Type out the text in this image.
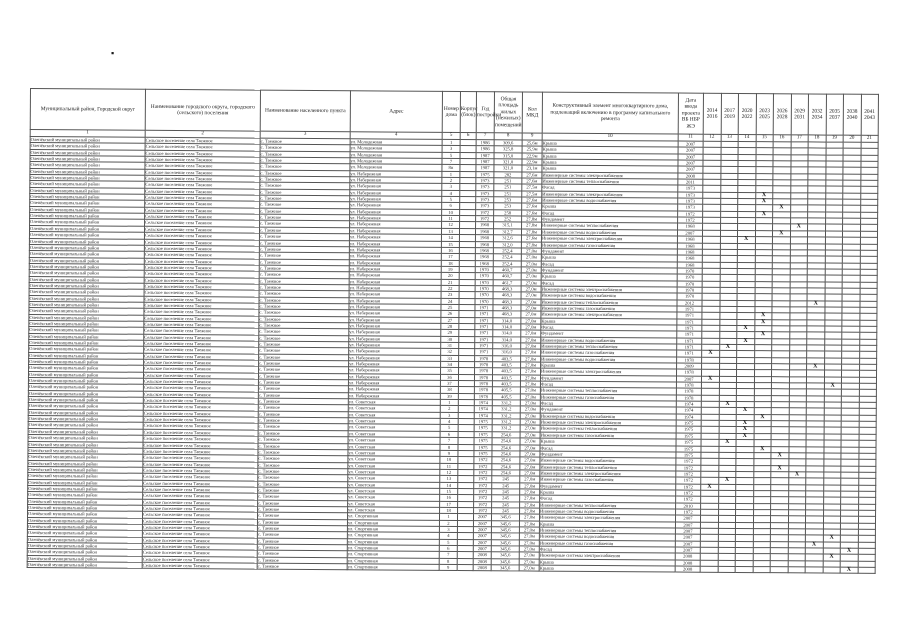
▪
Муниципальный район, Городской округ	Наименование городского округа, городского (сельского) поселения	Наименование населенного пункта	Адрес	Номер дома	Корпус (блок)	Год постройки	Общая площадь жилых (нежилых) помещений	Кол МКД	Конструктивный элемент многоквартирного дома, подлежащий включению в программу капитального ремонта	Дата ввода проекта ВБ НБР ЖЭ	2014 2016	2017 2019	2020 2022	2023 2025	2026 2028	2029 2031	2032 2034	2035 2037	2038 2040	2041 2043
1	2	3	4	5	6	7	8	9	10	11	12	13	14	15	16	17	18	19	20	21
Оленёкский муниципальный район	Сельское поселение села Таежное	с. Таежное	ул. Молодежная	1		1986	309,6	25,6м	Крыша	2007										
Оленёкский муниципальный район	Сельское поселение села Таежное	с. Таежное	ул. Молодежная	3		1986	325,8	25,9м	Крыша	2007										
Оленёкский муниципальный район	Сельское поселение села Таежное	с. Таежное	ул. Молодежная	5		1987	315,0	22,9м	Крыша	2007										
Оленёкский муниципальный район	Сельское поселение села Таежное	с. Таежное	ул. Молодежная	7		1987	321,0	22,9м	Крыша	2007										
Оленёкский муниципальный район	Сельское поселение села Таежное	с. Таежное	ул. Молодежная	8н		1987	321,0	23,1м	Крыша	2007										
Оленёкский муниципальный район	Сельское поселение села Таежное	с. Таежное	ул. Набережная	1		1975	282	27,6м	Инженерные системы электроснабжения	2008										
Оленёкский муниципальный район	Сельское поселение села Таежное	с. Таежное	ул. Набережная	2		1973	251	27,6м	Инженерные системы теплоснабжения	2011										
Оленёкский муниципальный район	Сельское поселение села Таежное	с. Таежное	ул. Набережная	3		1973	251	27,5м	Фасад	1973										
Оленёкский муниципальный район	Сельское поселение села Таежное	с. Таежное	ул. Набережная	4		1973	251	27,5м	Инженерные системы электроснабжения	1973				X						
Оленёкский муниципальный район	Сельское поселение села Таежное	с. Таежное	ул. Набережная	5		1973	253	27,6м	Инженерные системы водоснабжения	1973				X						
Оленёкский муниципальный район	Сельское поселение села Таежное	с. Таежное	ул. Набережная	6		1973	253	27,6м	Крыша	1973					X					
Оленёкский муниципальный район	Сельское поселение села Таежное	с. Таежное	ул. Набережная	10		1972	258	27,6м	Фасад	1972				X						
Оленёкский муниципальный район	Сельское поселение села Таежное	с. Таежное	ул. Набережная	11		1972	252	27,8м	Фундамент	1972										
Оленёкский муниципальный район	Сельское поселение села Таежное	с. Таежное	ул. Набережная	12		1968	315,1	27,8м	Инженерные системы теплоснабжения	1968						X				
Оленёкский муниципальный район	Сельское поселение села Таежное	с. Таежное	ул. Набережная	13		1968	312,7	27,8м	Инженерные системы водоснабжения	2007					X					
Оленёкский муниципальный район	Сельское поселение села Таежное	с. Таежное	ул. Набережная	14		1968	312,6	27,6м	Инженерные системы электроснабжения	1968			X							
Оленёкский муниципальный район	Сельское поселение села Таежное	с. Таежное	ул. Набережная	15		1968	312,0	27,8м	Инженерные системы газоснабжения	1968										
Оленёкский муниципальный район	Сельское поселение села Таежное	с. Таежное	ул. Набережная	16		1968	252,4	27,0м	Фундамент	1968										
Оленёкский муниципальный район	Сельское поселение села Таежное	с. Таежное	ул. Набережная	17		1968	252,4	27,0м	Крыша	1968										
Оленёкский муниципальный район	Сельское поселение села Таежное	с. Таежное	ул. Набережная	18		1968	252,4	27,0м	Фасад	1968										
Оленёкский муниципальный район	Сельское поселение села Таежное	с. Таежное	ул. Набережная	19		1970	460,7	27,0м	Фундамент	1970										
Оленёкский муниципальный район	Сельское поселение села Таежное	с. Таежное	ул. Набережная	20		1970	460,7	27,0м	Крыша	1970										
Оленёкский муниципальный район	Сельское поселение села Таежное	с. Таежное	ул. Набережная	21		1970	461,7	27,0м	Фасад	1970										
Оленёкский муниципальный район	Сельское поселение села Таежное	с. Таежное	ул. Набережная	22		1970	468,3	27,0м	Инженерные системы электроснабжения	1970										
Оленёкский муниципальный район	Сельское поселение села Таежное	с. Таежное	ул. Набережная	23		1970	468,3	27,0м	Инженерные системы водоснабжения	1970										
Оленёкский муниципальный район	Сельское поселение села Таежное	с. Таежное	ул. Набережная	24		1970	468,3	27,0м	Инженерные системы теплоснабжения	2012							X			
Оленёкский муниципальный район	Сельское поселение села Таежное	с. Таежное	ул. Набережная	25		1971	468,3	27,0м	Инженерные системы газоснабжения	1971										
Оленёкский муниципальный район	Сельское поселение села Таежное	с. Таежное	ул. Набережная	26		1971	468,3	27,0м	Инженерные системы электроснабжения	1971				X						
Оленёкский муниципальный район	Сельское поселение села Таежное	с. Таежное	ул. Набережная	27		1971	314,0	27,0м	Крыша	1971				X						
Оленёкский муниципальный район	Сельское поселение села Таежное	с. Таежное	ул. Набережная	28		1971	314,0	27,0м	Фасад	1971			X							
Оленёкский муниципальный район	Сельское поселение села Таежное	с. Таежное	ул. Набережная	29		1971	314,0	27,0м	Фундамент	1971				X						
Оленёкский муниципальный район	Сельское поселение села Таежное	с. Таежное	ул. Набережная	30		1971	314,0	27,0м	Инженерные системы водоснабжения	1971			X							
Оленёкский муниципальный район	Сельское поселение села Таежное	с. Таежное	ул. Набережная	31		1971	316,0	27,0м	Инженерные системы теплоснабжения	1971		X								
Оленёкский муниципальный район	Сельское поселение села Таежное	с. Таежное	ул. Набережная	32		1971	316,0	27,0м	Инженерные системы газоснабжения	1971	X									
Оленёкский муниципальный район	Сельское поселение села Таежное	с. Таежное	ул. Набережная	33		1978	403,5	27,0м	Инженерные системы водоснабжения	1978										
Оленёкский муниципальный район	Сельское поселение села Таежное	с. Таежное	ул. Набережная	34		1978	403,5	27,0м	Крыша	2009							X			
Оленёкский муниципальный район	Сельское поселение села Таежное	с. Таежное	ул. Набережная	35		1978	403,5	27,0м	Инженерные системы электроснабжения	1978										
Оленёкский муниципальный район	Сельское поселение села Таежное	с. Таежное	ул. Набережная	36		1978	403,5	27,0м	Фундамент	2007	X									
Оленёкский муниципальный район	Сельское поселение села Таежное	с. Таежное	ул. Набережная	37		1978	403,5	27,0м	Фасад	1978								X		
Оленёкский муниципальный район	Сельское поселение села Таежное	с. Таежное	ул. Набережная	38		1978	405,5	27,0м	Инженерные системы теплоснабжения	1978										
Оленёкский муниципальный район	Сельское поселение села Таежное	с. Таежное	ул. Набережная	39		1978	405,5	27,0м	Инженерные системы газоснабжения	1978										
Оленёкский муниципальный район	Сельское поселение села Таежное	с. Таежное	ул. Советская	1		1974	331,2	27,0м	Фасад	1974		X								
Оленёкский муниципальный район	Сельское поселение села Таежное	с. Таежное	ул. Советская	2		1974	331,2	27,0м	Фундамент	1974			X							
Оленёкский муниципальный район	Сельское поселение села Таежное	с. Таежное	ул. Советская	3		1974	331,2	27,0м	Инженерные системы водоснабжения	1974				X						
Оленёкский муниципальный район	Сельское поселение села Таежное	с. Таежное	ул. Советская	4		1975	331,2	27,0м	Инженерные системы электроснабжения	1975			X							
Оленёкский муниципальный район	Сельское поселение села Таежное	с. Таежное	ул. Советская	5		1975	331,2	27,0м	Инженерные системы теплоснабжения	1975			X							
Оленёкский муниципальный район	Сельское поселение села Таежное	с. Таежное	ул. Советская	6		1975	254,6	27,0м	Инженерные системы газоснабжения	1975			X							
Оленёкский муниципальный район	Сельское поселение села Таежное	с. Таежное	ул. Советская	7		1975	254,6	27,0м	Крыша	1975		X								
Оленёкский муниципальный район	Сельское поселение села Таежное	с. Таежное	ул. Советская	8		1975	254,6	27,0м	Фасад	1975				X						
Оленёкский муниципальный район	Сельское поселение села Таежное	с. Таежное	ул. Советская	9		1975	254,6	27,0м	Фундамент	1975					X					
Оленёкский муниципальный район	Сельское поселение села Таежное	с. Таежное	ул. Советская	10		1972	254,6	27,0м	Инженерные системы водоснабжения	1972										
Оленёкский муниципальный район	Сельское поселение села Таежное	с. Таежное	ул. Советская	11		1972	254,6	27,0м	Инженерные системы теплоснабжения	1972					X					
Оленёкский муниципальный район	Сельское поселение села Таежное	с. Таежное	ул. Советская	12		1972	254,6	27,0м	Инженерные системы электроснабжения	1972						X				
Оленёкский муниципальный район	Сельское поселение села Таежное	с. Таежное	ул. Советская	13		1972	245	27,0м	Инженерные системы газоснабжения	1972		X								
Оленёкский муниципальный район	Сельское поселение села Таежное	с. Таежное	ул. Советская	14		1972	245	27,0м	Фундамент	1972	X									
Оленёкский муниципальный район	Сельское поселение села Таежное	с. Таежное	ул. Советская	15		1972	245	27,0м	Крыша	1972										
Оленёкский муниципальный район	Сельское поселение села Таежное	с. Таежное	ул. Советская	16		1972	245	27,0м	Фасад	1972										
Оленёкский муниципальный район	Сельское поселение села Таежное	с. Таежное	ул. Советская	17		1972	245	27,0м	Инженерные системы теплоснабжения	2010										
Оленёкский муниципальный район	Сельское поселение села Таежное	с. Таежное	ул. Советская	18		1972	245	27,0м	Инженерные системы водоснабжения	1972										
Оленёкский муниципальный район	Сельское поселение села Таежное	с. Таежное	ул. Спортивная	1		2007	345,6	27,0м	Инженерные системы электроснабжения	2007										
Оленёкский муниципальный район	Сельское поселение села Таежное	с. Таежное	ул. Спортивная	2		2007	345,6	27,0м	Крыша	2007										
Оленёкский муниципальный район	Сельское поселение села Таежное	с. Таежное	ул. Спортивная	3		2007	345,6	27,0м	Инженерные системы теплоснабжения	2007										
Оленёкский муниципальный район	Сельское поселение села Таежное	с. Таежное	ул. Спортивная	4		2007	345,6	27,0м	Инженерные системы водоснабжения	2007								X		
Оленёкский муниципальный район	Сельское поселение села Таежное	с. Таежное	ул. Спортивная	5		2007	345,6	27,0м	Инженерные системы газоснабжения	2007							X			
Оленёкский муниципальный район	Сельское поселение села Таежное	с. Таежное	ул. Спортивная	6		2007	345,6	27,0м	Фасад	2007									X	
Оленёкский муниципальный район	Сельское поселение села Таежное	с. Таежное	ул. Спортивная	7		2008	345,6	27,0м	Инженерные системы электроснабжения	2008								X		
Оленёкский муниципальный район	Сельское поселение села Таежное	с. Таежное	ул. Спортивная	8		2008	345,6	27,0м	Крыша	2008										
Оленёкский муниципальный район	Сельское поселение села Таежное	с. Таежное	ул. Спортивная	9		2008	345,6	27,0м	Крыша	2008									X	
